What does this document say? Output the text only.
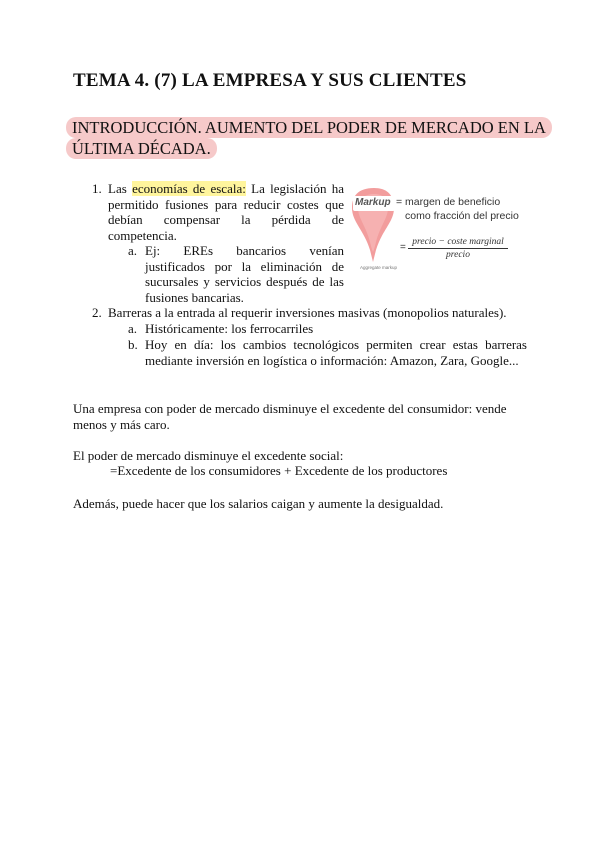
TEMA 4. (7) LA EMPRESA Y SUS CLIENTES
INTRODUCCIÓN. AUMENTO DEL PODER DE MERCADO EN LA ÚLTIMA DÉCADA.
1. Las economías de escala: La legislación ha permitido fusiones para reducir costes que debían compensar la pérdida de competencia.
a. Ej: EREs bancarios venían justificados por la eliminación de sucursales y servicios después de las fusiones bancarias.
2. Barreras a la entrada al requerir inversiones masivas (monopolios naturales).
a. Históricamente: los ferrocarriles
b. Hoy en día: los cambios tecnológicos permiten crear estas barreras mediante inversión en logística o información: Amazon, Zara, Google...
Una empresa con poder de mercado disminuye el excedente del consumidor: vende menos y más caro.
El poder de mercado disminuye el excedente social:
=Excedente de los consumidores + Excedente de los productores
Además, puede hacer que los salarios caigan y aumente la desigualdad.
Markup = margen de beneficio
como fracción del precio
= precio − coste marginal
precio
Aggregate markup
